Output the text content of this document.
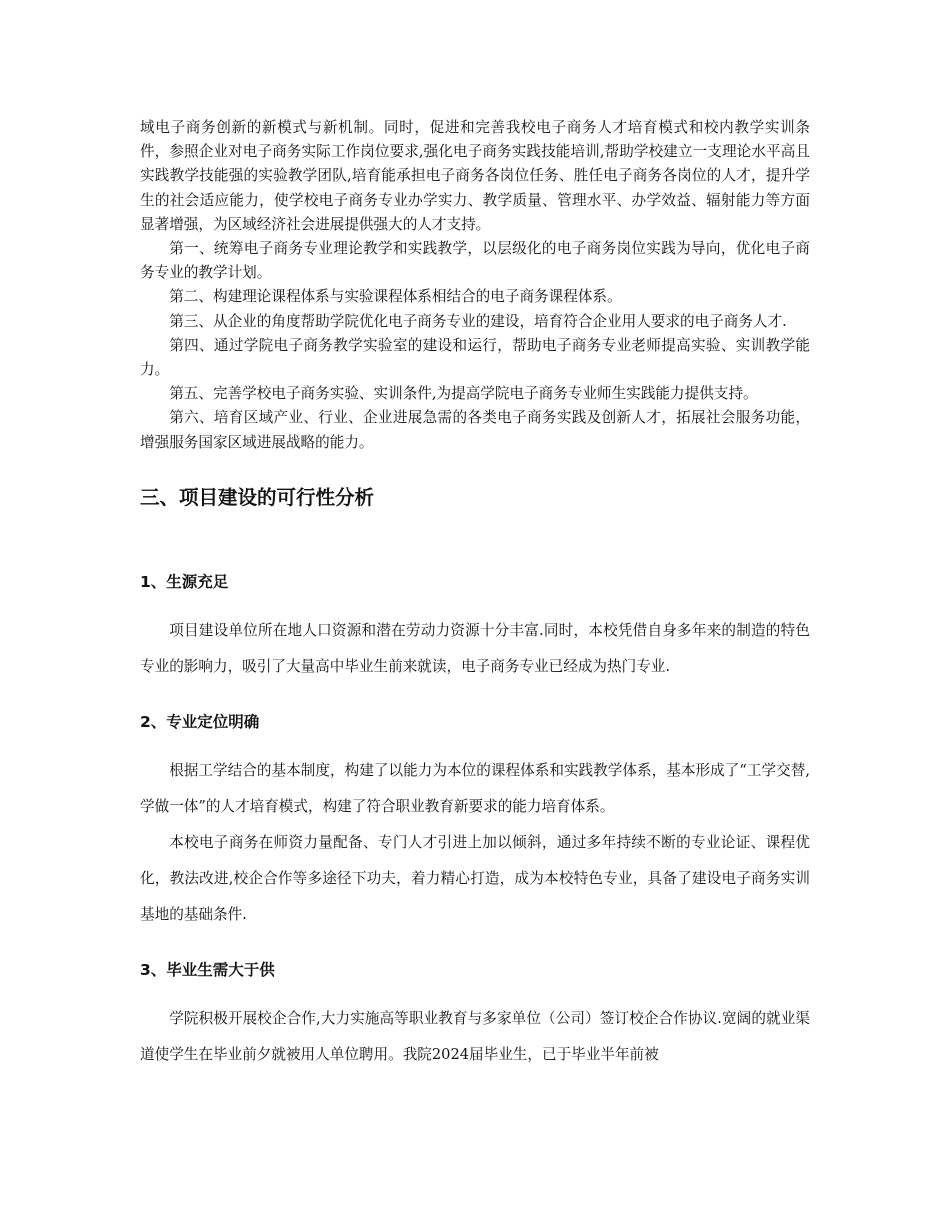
域电子商务创新的新模式与新机制。同时，促进和完善我校电子商务人才培育模式和校内教学实训条件，参照企业对电子商务实际工作岗位要求,强化电子商务实践技能培训,帮助学校建立一支理论水平高且实践教学技能强的实验教学团队,培育能承担电子商务各岗位任务、胜任电子商务各岗位的人才，提升学生的社会适应能力，使学校电子商务专业办学实力、教学质量、管理水平、办学效益、辐射能力等方面显著增强，为区域经济社会进展提供强大的人才支持。

第一、统筹电子商务专业理论教学和实践教学，以层级化的电子商务岗位实践为导向，优化电子商务专业的教学计划。

第二、构建理论课程体系与实验课程体系相结合的电子商务课程体系。

第三、从企业的角度帮助学院优化电子商务专业的建设，培育符合企业用人要求的电子商务人才.

第四、通过学院电子商务教学实验室的建设和运行，帮助电子商务专业老师提高实验、实训教学能力。

第五、完善学校电子商务实验、实训条件,为提高学院电子商务专业师生实践能力提供支持。

第六、培育区域产业、行业、企业进展急需的各类电子商务实践及创新人才，拓展社会服务功能，增强服务国家区域进展战略的能力。

三、项目建设的可行性分析
1、生源充足

项目建设单位所在地人口资源和潜在劳动力资源十分丰富.同时，本校凭借自身多年来的制造的特色专业的影响力，吸引了大量高中毕业生前来就读，电子商务专业已经成为热门专业.

2、专业定位明确

根据工学结合的基本制度，构建了以能力为本位的课程体系和实践教学体系，基本形成了“工学交替,学做一体”的人才培育模式，构建了符合职业教育新要求的能力培育体系。

本校电子商务在师资力量配备、专门人才引进上加以倾斜，通过多年持续不断的专业论证、课程优化，教法改进,校企合作等多途径下功夫，着力精心打造，成为本校特色专业，具备了建设电子商务实训基地的基础条件.

3、毕业生需大于供

学院积极开展校企合作,大力实施高等职业教育与多家单位（公司）签订校企合作协议.宽阔的就业渠道使学生在毕业前夕就被用人单位聘用。我院2024届毕业生，已于毕业半年前被
